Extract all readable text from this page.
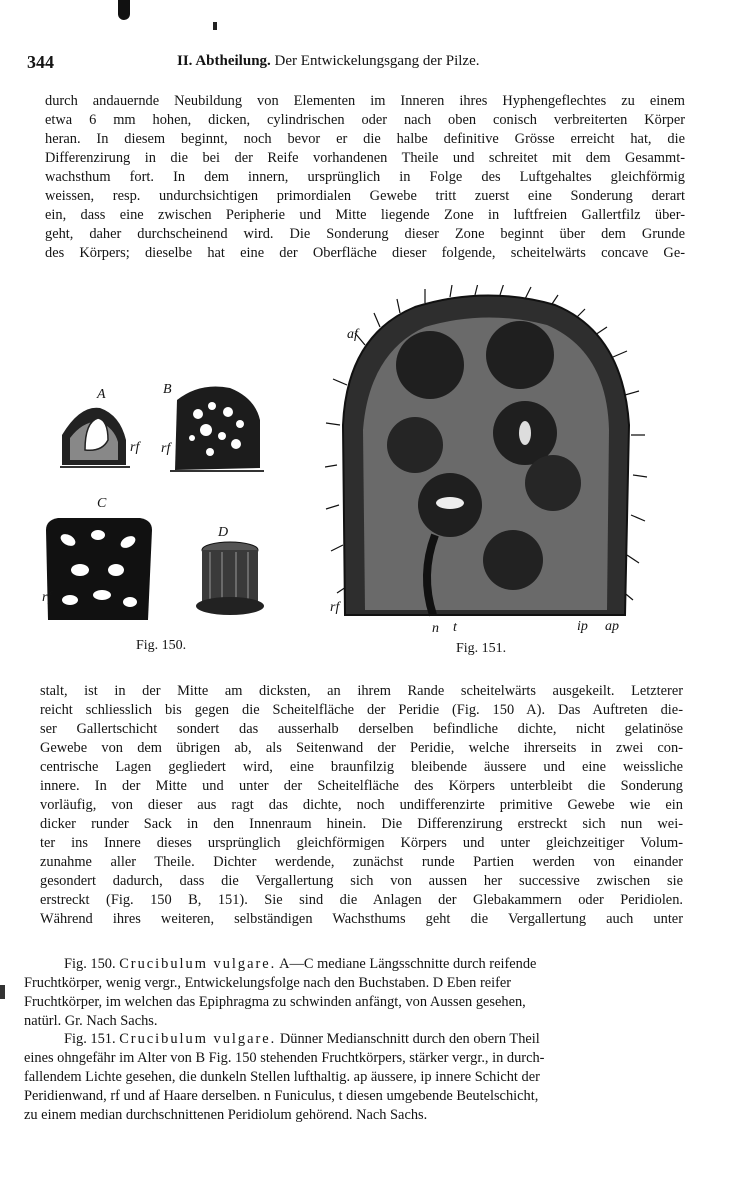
344	II. Abtheilung. Der Entwickelungsgang der Pilze.
durch andauernde Neubildung von Elementen im Inneren ihres Hyphengeflechtes zu einem
etwa 6 mm hohen, dicken, cylindrischen oder nach oben conisch verbreiterten Körper
heran. In diesem beginnt, noch bevor er die halbe definitive Grösse erreicht hat, die
Differenzirung in die bei der Reife vorhandenen Theile und schreitet mit dem Gesammt-
wachsthum fort. In dem innern, ursprünglich in Folge des Luftgehaltes gleichförmig
weissen, resp. undurchsichtigen primordialen Gewebe tritt zuerst eine Sonderung derart
ein, dass eine zwischen Peripherie und Mitte liegende Zone in luftfreien Gallertfilz über-
geht, daher durchscheinend wird. Die Sonderung dieser Zone beginnt über dem Grunde
des Körpers; dieselbe hat eine der Oberfläche dieser folgende, scheitelwärts concave Ge-
A	B
C
D
rf rf
rf
Fig. 150.
af
rf
n t	ip ap
Fig. 151.
stalt, ist in der Mitte am dicksten, an ihrem Rande scheitelwärts ausgekeilt. Letzterer
reicht schliesslich bis gegen die Scheitelfläche der Peridie (Fig. 150 A). Das Auftreten die-
ser Gallertschicht sondert das ausserhalb derselben befindliche dichte, nicht gelatinöse
Gewebe von dem übrigen ab, als Seitenwand der Peridie, welche ihrerseits in zwei con-
centrische Lagen gegliedert wird, eine braunfilzig bleibende äussere und eine weissliche
innere. In der Mitte und unter der Scheitelfläche des Körpers unterbleibt die Sonderung
vorläufig, von dieser aus ragt das dichte, noch undifferenzirte primitive Gewebe wie ein
dicker runder Sack in den Innenraum hinein. Die Differenzirung erstreckt sich nun wei-
ter ins Innere dieses ursprünglich gleichförmigen Körpers und unter gleichzeitiger Volum-
zunahme aller Theile. Dichter werdende, zunächst runde Partien werden von einander
gesondert dadurch, dass die Vergallertung sich von aussen her successive zwischen sie
erstreckt (Fig. 150 B, 151). Sie sind die Anlagen der Glebakammern oder Peridiolen.
Während ihres weiteren, selbständigen Wachsthums geht die Vergallertung auch unter
Fig. 150. Crucibulum vulgare. A—C mediane Längsschnitte durch reifende
Fruchtkörper, wenig vergr., Entwickelungsfolge nach den Buchstaben. D Eben reifer
Fruchtkörper, im welchen das Epiphragma zu schwinden anfängt, von Aussen gesehen,
natürl. Gr. Nach Sachs.
Fig. 151. Crucibulum vulgare. Dünner Medianschnitt durch den obern Theil
eines ohngefähr im Alter von B Fig. 150 stehenden Fruchtkörpers, stärker vergr., in durch-
fallendem Lichte gesehen, die dunkeln Stellen lufthaltig. ap äussere, ip innere Schicht der
Peridienwand, rf und af Haare derselben. n Funiculus, t diesen umgebende Beutelschicht,
zu einem median durchschnittenen Peridiolum gehörend. Nach Sachs.
